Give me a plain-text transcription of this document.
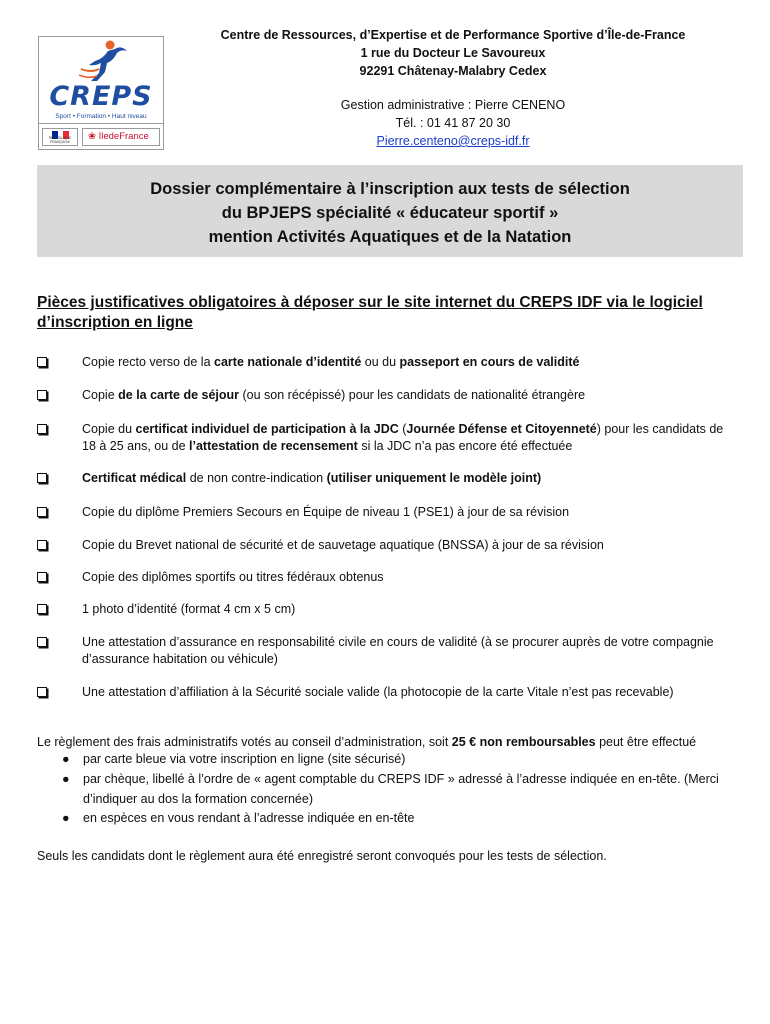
CREPS
Sport • Formation • Haut niveau
RÉPUBLIQUE FRANÇAISE	❀ îledeFrance
Centre de Ressources, d’Expertise et de Performance Sportive d’Île-de-France
1 rue du Docteur Le Savoureux
92291 Châtenay-Malabry Cedex
Gestion administrative : Pierre CENENO
Tél. : 01 41 87 20 30
Pierre.centeno@creps-idf.fr
Dossier complémentaire à l’inscription aux tests de sélection
du BPJEPS spécialité « éducateur sportif »
mention Activités Aquatiques et de la Natation
Pièces justificatives obligatoires à déposer sur le site internet du CREPS IDF via le logiciel
d’inscription en ligne
Copie recto verso de la carte nationale d’identité ou du passeport en cours de validité
Copie de la carte de séjour (ou son récépissé) pour les candidats de nationalité étrangère
Copie du certificat individuel de participation à la JDC (Journée Défense et Citoyenneté) pour les candidats de 18 à 25 ans, ou de l’attestation de recensement si la JDC n’a pas encore été effectuée
Certificat médical de non contre-indication (utiliser uniquement le modèle joint)
Copie du diplôme Premiers Secours en Équipe de niveau 1 (PSE1) à jour de sa révision
Copie du Brevet national de sécurité et de sauvetage aquatique (BNSSA) à jour de sa révision
Copie des diplômes sportifs ou titres fédéraux obtenus
1 photo d’identité (format 4 cm x 5 cm)
Une attestation d’assurance en responsabilité civile en cours de validité (à se procurer auprès de votre compagnie d’assurance habitation ou véhicule)
Une attestation d’affiliation à la Sécurité sociale valide (la photocopie de la carte Vitale n’est pas recevable)
Le règlement des frais administratifs votés au conseil d’administration, soit 25 € non remboursables peut être effectué
● par carte bleue via votre inscription en ligne (site sécurisé)
● par chèque, libellé à l’ordre de « agent comptable du CREPS IDF » adressé à l’adresse indiquée en en-tête. (Merci d’indiquer au dos la formation concernée)
● en espèces en vous rendant à l’adresse indiquée en en-tête
Seuls les candidats dont le règlement aura été enregistré seront convoqués pour les tests de sélection.
